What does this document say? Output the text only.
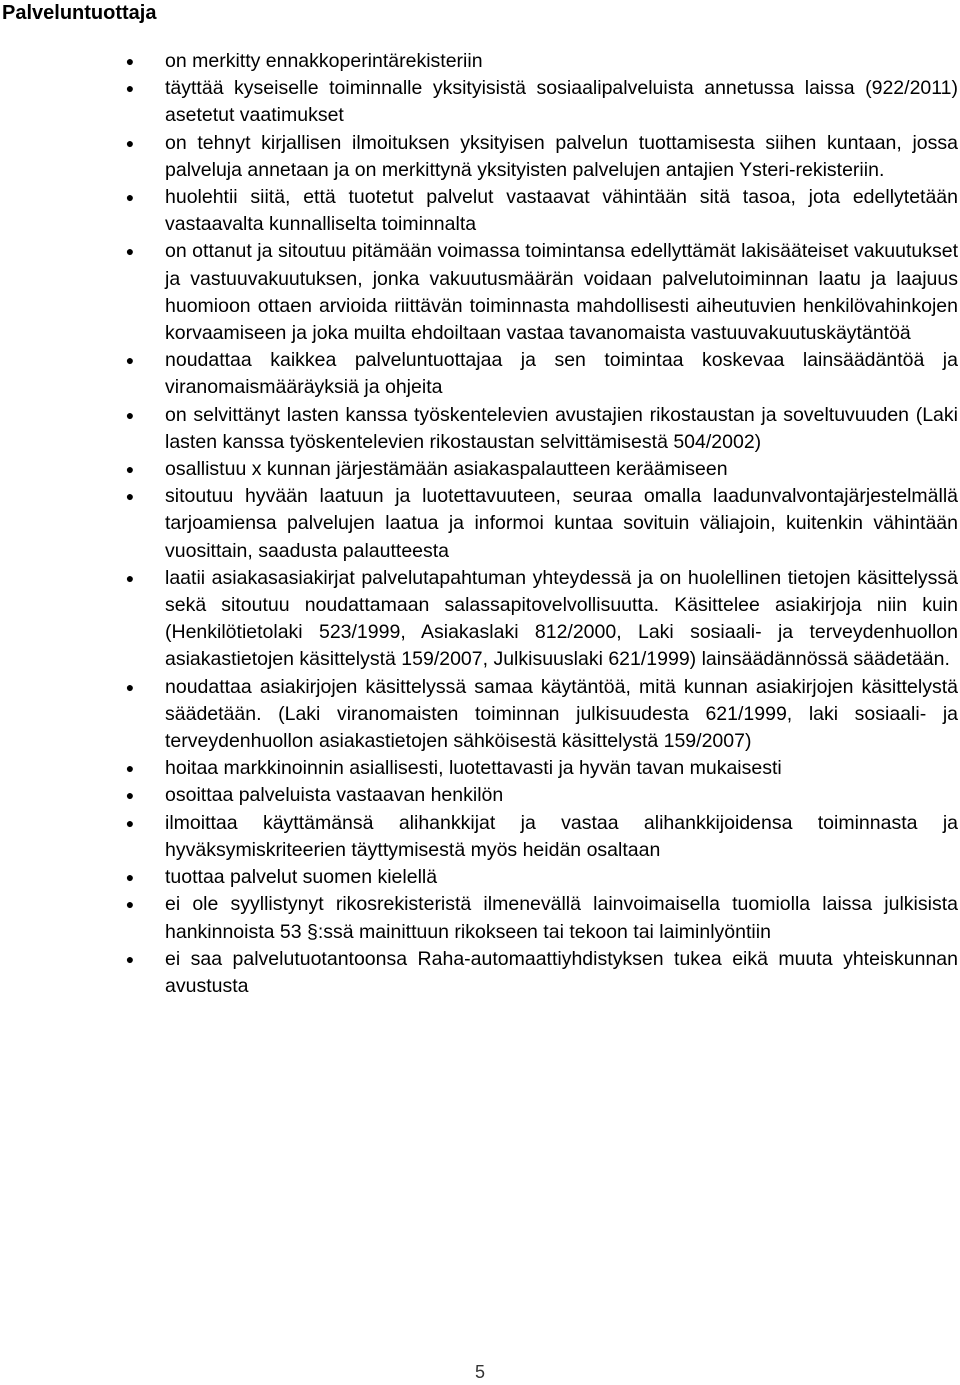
Palveluntuottaja
● on merkitty ennakkoperintärekisteriin
● täyttää kyseiselle toiminnalle yksityisistä sosiaalipalveluista annetussa laissa (922/2011) asetetut vaatimukset
● on tehnyt kirjallisen ilmoituksen yksityisen palvelun tuottamisesta siihen kuntaan, jossa palveluja annetaan ja on merkittynä yksityisten palvelujen antajien Ysteri-rekisteriin.
● huolehtii siitä, että tuotetut palvelut vastaavat vähintään sitä tasoa, jota edellytetään vastaavalta kunnalliselta toiminnalta
● on ottanut ja sitoutuu pitämään voimassa toimintansa edellyttämät lakisääteiset vakuutukset ja vastuuvakuutuksen, jonka vakuutusmäärän voidaan palvelutoiminnan laatu ja laajuus huomioon ottaen arvioida riittävän toiminnasta mahdollisesti aiheutuvien henkilövahinkojen korvaamiseen ja joka muilta ehdoiltaan vastaa tavanomaista vastuuvakuutuskäytäntöä
● noudattaa kaikkea palveluntuottajaa ja sen toimintaa koskevaa lainsäädäntöä ja viranomaismääräyksiä ja ohjeita
● on selvittänyt lasten kanssa työskentelevien avustajien rikostaustan ja soveltuvuuden (Laki lasten kanssa työskentelevien rikostaustan selvittämisestä 504/2002)
● osallistuu x kunnan järjestämään asiakaspalautteen keräämiseen
● sitoutuu hyvään laatuun ja luotettavuuteen, seuraa omalla laadunvalvontajärjestelmällä tarjoamiensa palvelujen laatua ja informoi kuntaa sovituin väliajoin, kuitenkin vähintään vuosittain, saadusta palautteesta
● laatii asiakasasiakirjat palvelutapahtuman yhteydessä ja on huolellinen tietojen käsittelyssä sekä sitoutuu noudattamaan salassapitovelvollisuutta. Käsittelee asiakirjoja niin kuin (Henkilötietolaki 523/1999, Asiakaslaki 812/2000, Laki sosiaali- ja terveydenhuollon asiakastietojen käsittelystä 159/2007, Julkisuuslaki 621/1999) lainsäädännössä säädetään.
● noudattaa asiakirjojen käsittelyssä samaa käytäntöä, mitä kunnan asiakirjojen käsittelystä säädetään. (Laki viranomaisten toiminnan julkisuudesta 621/1999, laki sosiaali- ja terveydenhuollon asiakastietojen sähköisestä käsittelystä 159/2007)
● hoitaa markkinoinnin asiallisesti, luotettavasti ja hyvän tavan mukaisesti
● osoittaa palveluista vastaavan henkilön
● ilmoittaa käyttämänsä alihankkijat ja vastaa alihankkijoidensa toiminnasta ja hyväksymiskriteerien täyttymisestä myös heidän osaltaan
● tuottaa palvelut suomen kielellä
● ei ole syyllistynyt rikosrekisteristä ilmenevällä lainvoimaisella tuomiolla laissa julkisista hankinnoista 53 §:ssä mainittuun rikokseen tai tekoon tai laiminlyöntiin
● ei saa palvelutuotantoonsa Raha-automaattiyhdistyksen tukea eikä muuta yhteiskunnan avustusta
5
